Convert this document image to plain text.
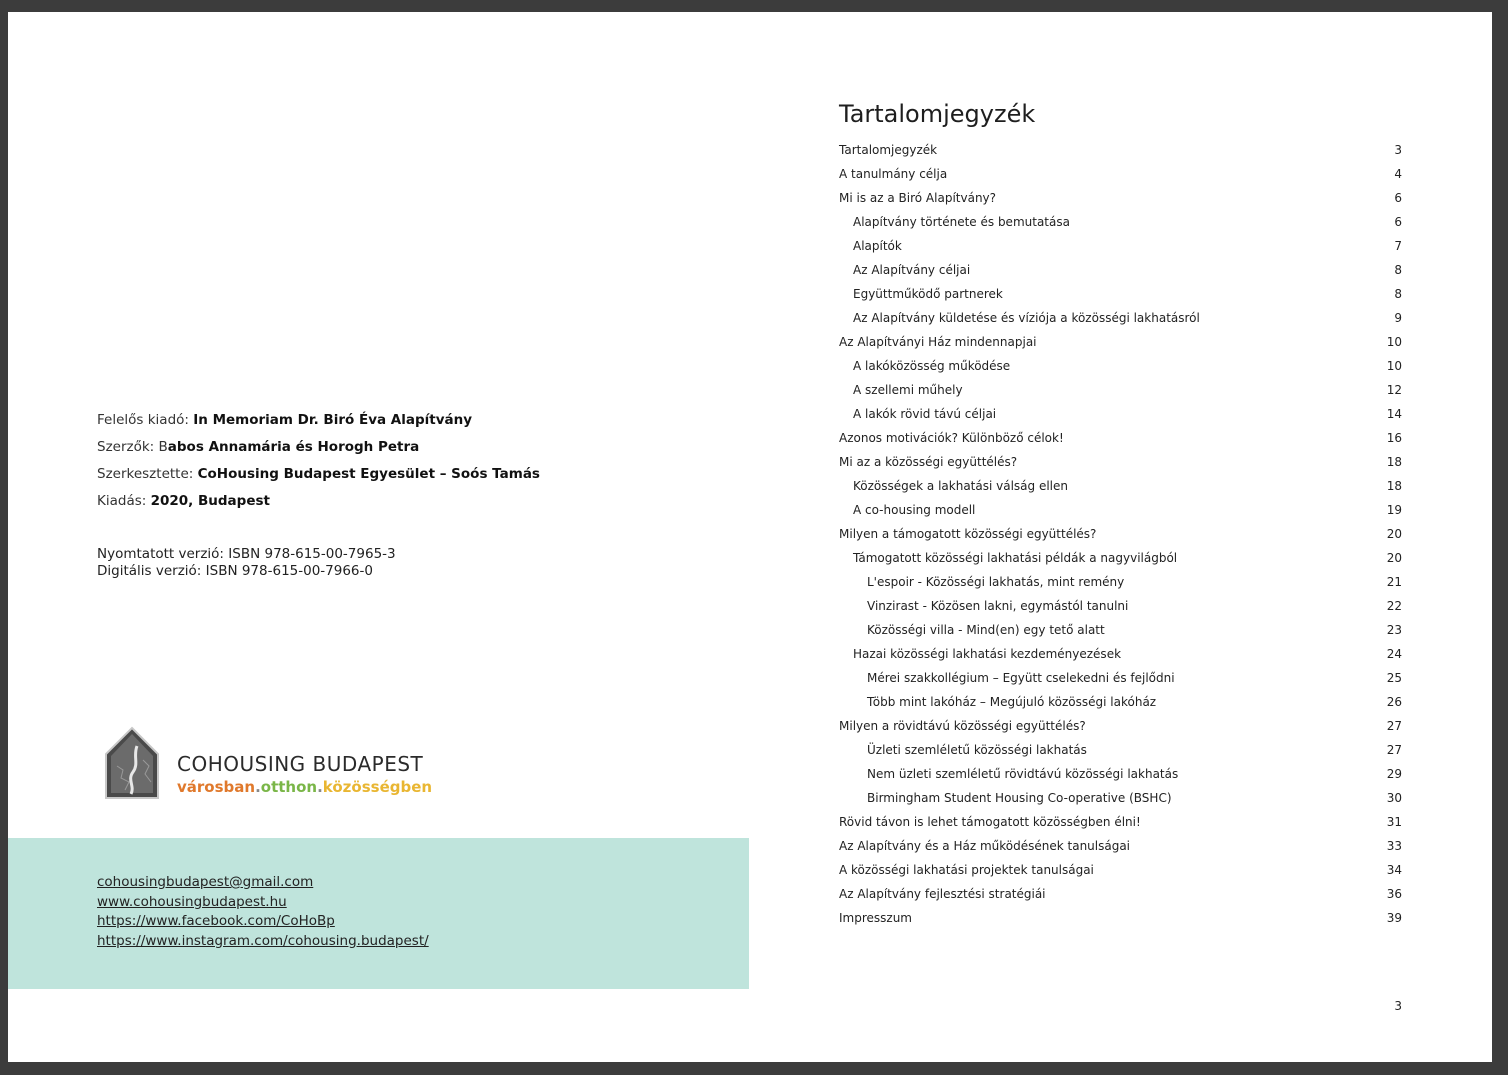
Felelős kiadó: In Memoriam Dr. Biró Éva Alapítvány
Szerzők: Babos Annamária és Horogh Petra
Szerkesztette: CoHousing Budapest Egyesület – Soós Tamás
Kiadás: 2020, Budapest
Nyomtatott verzió: ISBN 978-615-00-7965-3
Digitális verzió: ISBN 978-615-00-7966-0
COHOUSING BUDAPEST
városban.otthon.közösségben
cohousingbudapest@gmail.com
www.cohousingbudapest.hu
https://www.facebook.com/CoHoBp
https://www.instagram.com/cohousing.budapest/
Tartalomjegyzék
Tartalomjegyzék	3
A tanulmány célja	4
Mi is az a Biró Alapítvány?	6
Alapítvány története és bemutatása	6
Alapítók	7
Az Alapítvány céljai	8
Együttműködő partnerek	8
Az Alapítvány küldetése és víziója a közösségi lakhatásról	9
Az Alapítványi Ház mindennapjai	10
A lakóközösség működése	10
A szellemi műhely	12
A lakók rövid távú céljai	14
Azonos motivációk? Különböző célok!	16
Mi az a közösségi együttélés?	18
Közösségek a lakhatási válság ellen	18
A co-housing modell	19
Milyen a támogatott közösségi együttélés?	20
Támogatott közösségi lakhatási példák a nagyvilágból	20
L'espoir - Közösségi lakhatás, mint remény	21
Vinzirast - Közösen lakni, egymástól tanulni	22
Közösségi villa - Mind(en) egy tető alatt	23
Hazai közösségi lakhatási kezdeményezések	24
Mérei szakkollégium – Együtt cselekedni és fejlődni	25
Több mint lakóház – Megújuló közösségi lakóház	26
Milyen a rövidtávú közösségi együttélés?	27
Üzleti szemléletű közösségi lakhatás	27
Nem üzleti szemléletű rövidtávú közösségi lakhatás	29
Birmingham Student Housing Co-operative (BSHC)	30
Rövid távon is lehet támogatott közösségben élni!	31
Az Alapítvány és a Ház működésének tanulságai	33
A közösségi lakhatási projektek tanulságai	34
Az Alapítvány fejlesztési stratégiái	36
Impresszum	39
3
